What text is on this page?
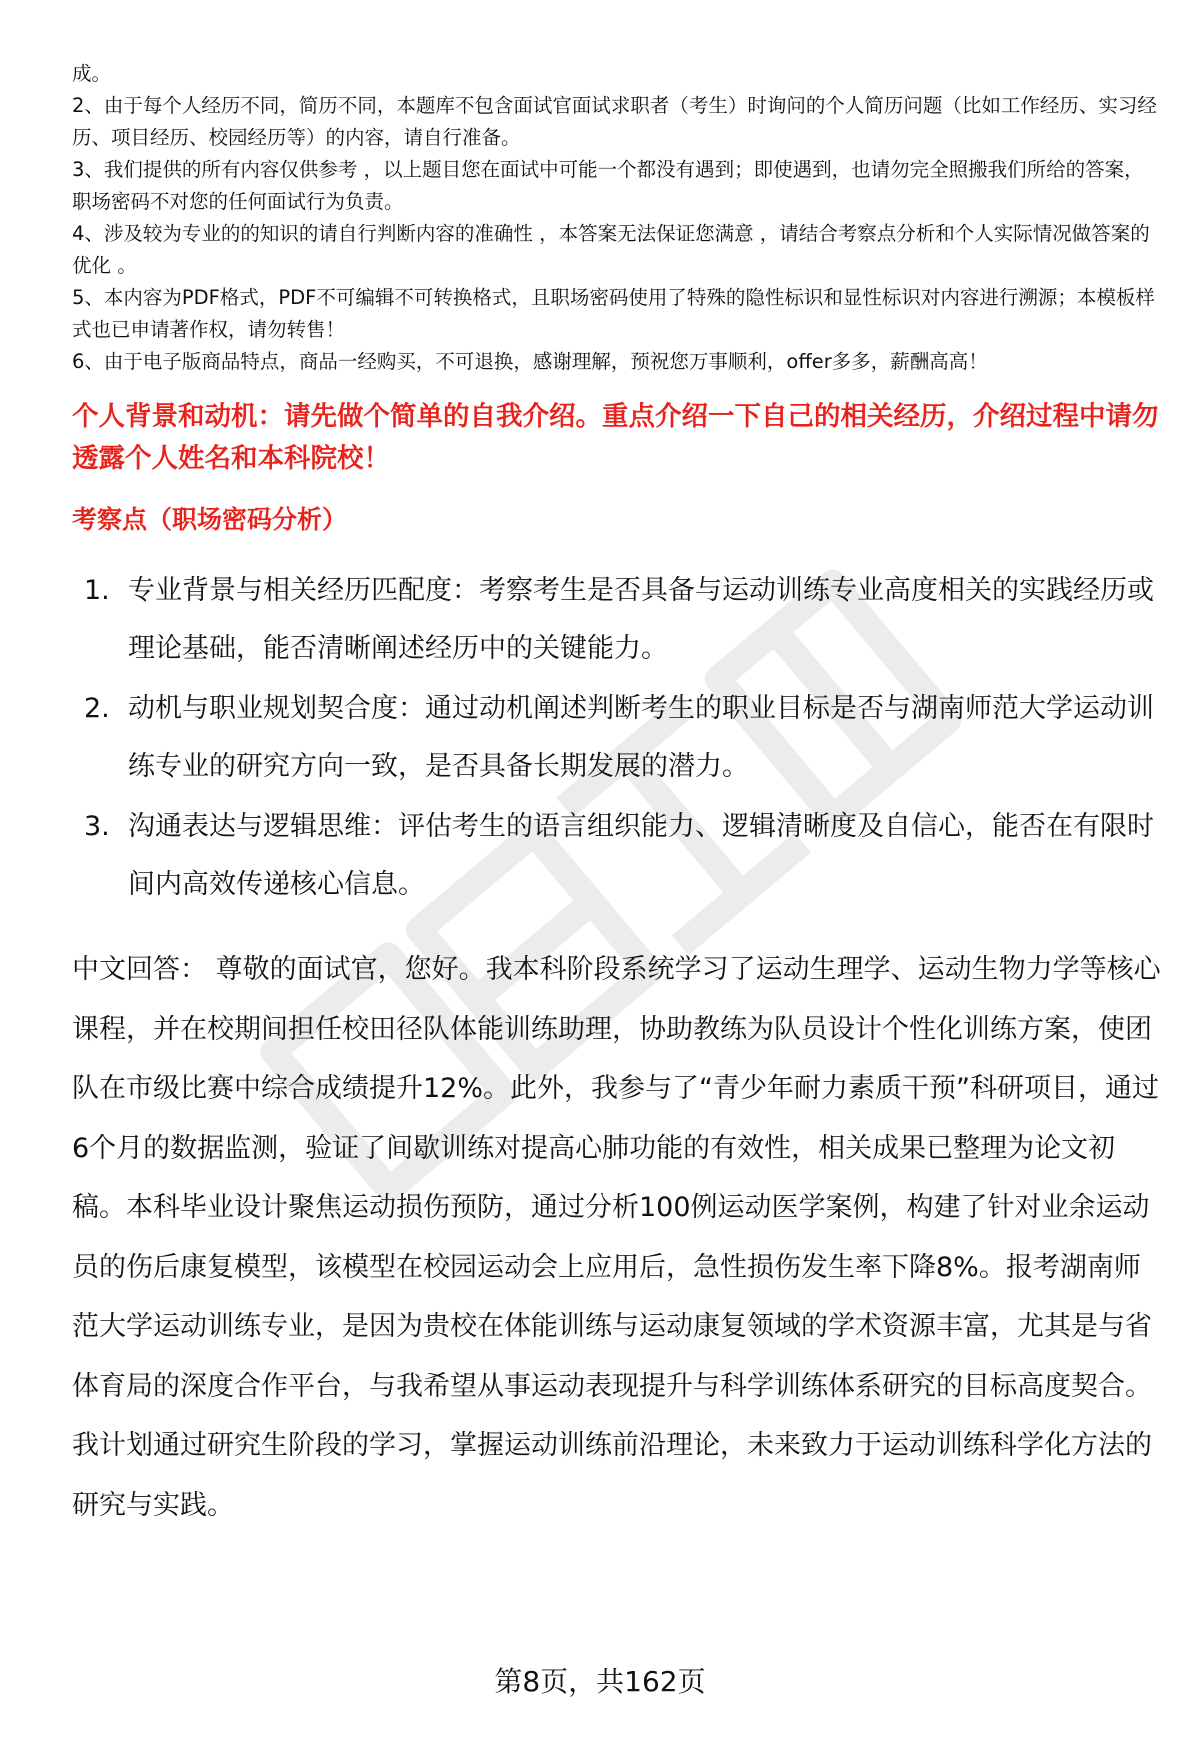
成。

2、由于每个人经历不同，简历不同，本题库不包含面试官面试求职者（考生）时询问的个人简历问题（比如工作经历、实习经历、项目经历、校园经历等）的内容，请自行准备。

3、我们提供的所有内容仅供参考 ，以上题目您在面试中可能一个都没有遇到；即使遇到，也请勿完全照搬我们所给的答案，职场密码不对您的任何面试行为负责。

4、涉及较为专业的的知识的请自行判断内容的准确性 ，本答案无法保证您满意 ，请结合考察点分析和个人实际情况做答案的优化 。

5、本内容为PDF格式，PDF不可编辑不可转换格式，且职场密码使用了特殊的隐性标识和显性标识对内容进行溯源；本模板样式也已申请著作权，请勿转售！

6、由于电子版商品特点，商品一经购买，不可退换，感谢理解，预祝您万事顺利，offer多多，薪酬高高！

个人背景和动机：请先做个简单的自我介绍。重点介绍一下自己的相关经历，介绍过程中请勿透露个人姓名和本科院校！
考察点（职场密码分析）
1. 专业背景与相关经历匹配度：考察考生是否具备与运动训练专业高度相关的实践经历或理论基础，能否清晰阐述经历中的关键能力。
2. 动机与职业规划契合度：通过动机阐述判断考生的职业目标是否与湖南师范大学运动训练专业的研究方向一致，是否具备长期发展的潜力。
3. 沟通表达与逻辑思维：评估考生的语言组织能力、逻辑清晰度及自信心，能否在有限时间内高效传递核心信息。
中文回答： 尊敬的面试官，您好。我本科阶段系统学习了运动生理学、运动生物力学等核心课程，并在校期间担任校田径队体能训练助理，协助教练为队员设计个性化训练方案，使团队在市级比赛中综合成绩提升12%。此外，我参与了“青少年耐力素质干预”科研项目，通过6个月的数据监测，验证了间歇训练对提高心肺功能的有效性，相关成果已整理为论文初稿。本科毕业设计聚焦运动损伤预防，通过分析100例运动医学案例，构建了针对业余运动员的伤后康复模型，该模型在校园运动会上应用后，急性损伤发生率下降8%。报考湖南师范大学运动训练专业，是因为贵校在体能训练与运动康复领域的学术资源丰富，尤其是与省体育局的深度合作平台，与我希望从事运动表现提升与科学训练体系研究的目标高度契合。我计划通过研究生阶段的学习，掌握运动训练前沿理论，未来致力于运动训练科学化方法的研究与实践。
第8页，共162页
